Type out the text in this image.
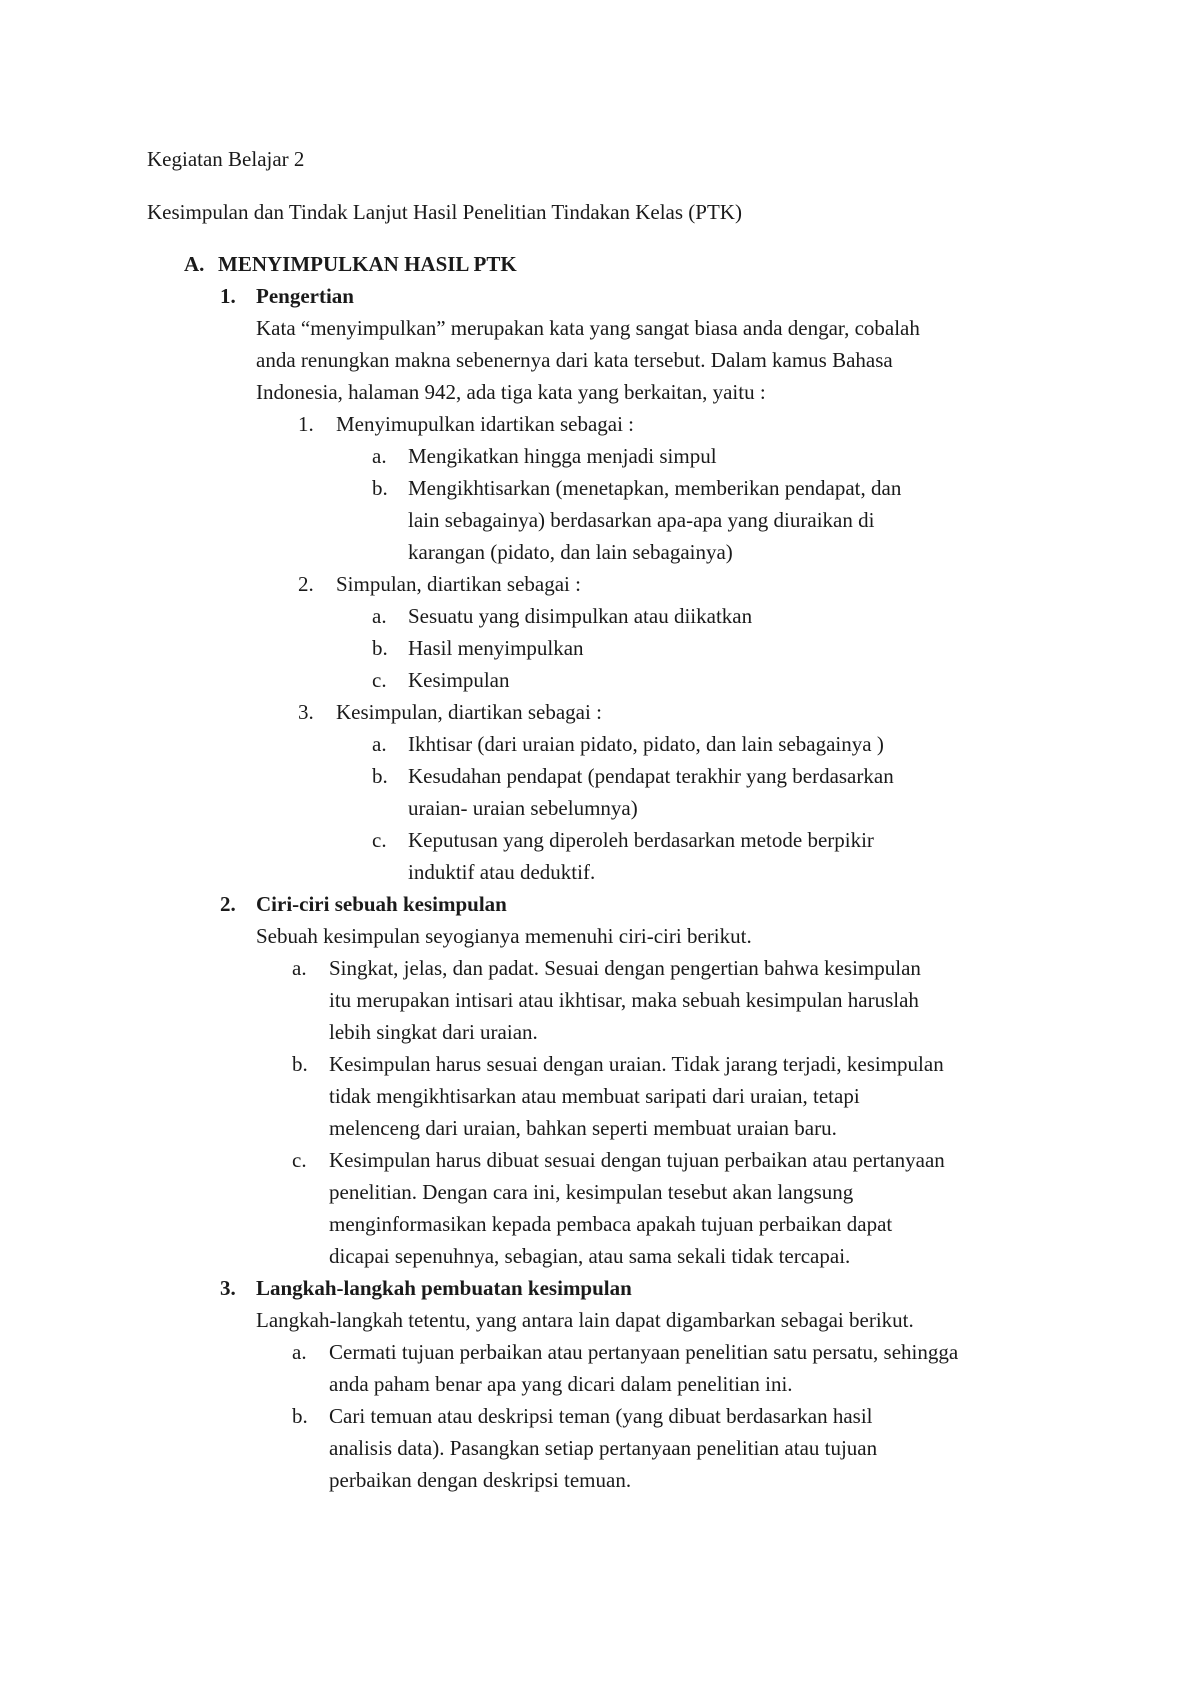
Kegiatan Belajar 2
Kesimpulan dan Tindak Lanjut Hasil Penelitian Tindakan Kelas (PTK)
A. MENYIMPULKAN HASIL PTK
1. Pengertian
Kata “menyimpulkan” merupakan kata yang sangat biasa anda dengar, cobalah
anda renungkan makna sebenernya dari kata tersebut. Dalam kamus Bahasa
Indonesia, halaman 942, ada tiga kata yang berkaitan, yaitu :
1. Menyimupulkan idartikan sebagai :
a. Mengikatkan hingga menjadi simpul
b. Mengikhtisarkan (menetapkan, memberikan pendapat, dan
lain sebagainya) berdasarkan apa-apa yang diuraikan di
karangan (pidato, dan lain sebagainya)
2. Simpulan, diartikan sebagai :
a. Sesuatu yang disimpulkan atau diikatkan
b. Hasil menyimpulkan
c. Kesimpulan
3. Kesimpulan, diartikan sebagai :
a. Ikhtisar (dari uraian pidato, pidato, dan lain sebagainya )
b. Kesudahan pendapat (pendapat terakhir yang berdasarkan
uraian- uraian sebelumnya)
c. Keputusan yang diperoleh berdasarkan metode berpikir
induktif atau deduktif.
2. Ciri-ciri sebuah kesimpulan
Sebuah kesimpulan seyogianya memenuhi ciri-ciri berikut.
a. Singkat, jelas, dan padat. Sesuai dengan pengertian bahwa kesimpulan
itu merupakan intisari atau ikhtisar, maka sebuah kesimpulan haruslah
lebih singkat dari uraian.
b. Kesimpulan harus sesuai dengan uraian. Tidak jarang terjadi, kesimpulan
tidak mengikhtisarkan atau membuat saripati dari uraian, tetapi
melenceng dari uraian, bahkan seperti membuat uraian baru.
c. Kesimpulan harus dibuat sesuai dengan tujuan perbaikan atau pertanyaan
penelitian. Dengan cara ini, kesimpulan tesebut akan langsung
menginformasikan kepada pembaca apakah tujuan perbaikan dapat
dicapai sepenuhnya, sebagian, atau sama sekali tidak tercapai.
3. Langkah-langkah pembuatan kesimpulan
Langkah-langkah tetentu, yang antara lain dapat digambarkan sebagai berikut.
a. Cermati tujuan perbaikan atau pertanyaan penelitian satu persatu, sehingga
anda paham benar apa yang dicari dalam penelitian ini.
b. Cari temuan atau deskripsi teman (yang dibuat berdasarkan hasil
analisis data). Pasangkan setiap pertanyaan penelitian atau tujuan
perbaikan dengan deskripsi temuan.
